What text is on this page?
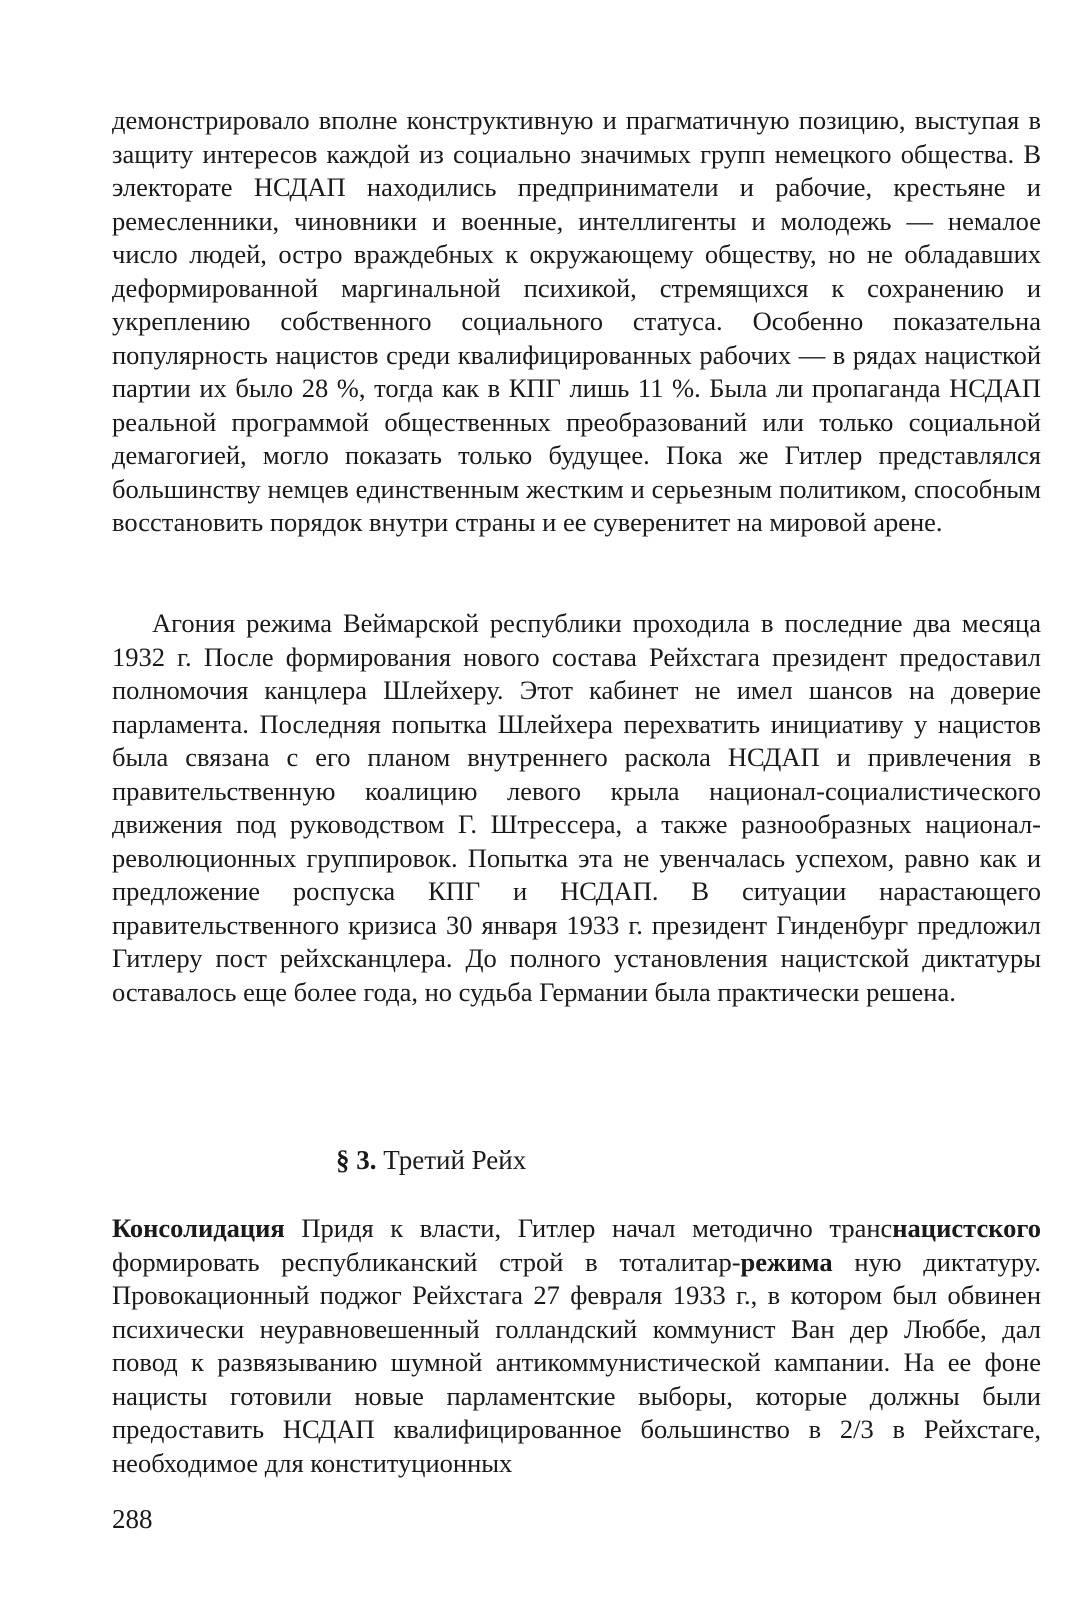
демонстрировало вполне конструктивную и прагматичную позицию, выступая в защиту интересов каждой из социально значимых групп немецкого общества. В электорате НСДАП находились предприниматели и рабочие, крестьяне и ремесленники, чиновники и военные, интеллигенты и молодежь — немалое число людей, остро враждебных к окружающему обществу, но не обладавших деформированной маргинальной психикой, стремящихся к сохранению и укреплению собственного социального статуса. Особенно показательна популярность нацистов среди квалифицированных рабочих — в рядах нацисткой партии их было 28 %, тогда как в КПГ лишь 11 %. Была ли пропаганда НСДАП реальной программой общественных преобразований или только социальной демагогией, могло показать только будущее. Пока же Гитлер представлялся большинству немцев единственным жестким и серьезным политиком, способным восстановить порядок внутри страны и ее суверенитет на мировой арене.

Агония режима Веймарской республики проходила в последние два месяца 1932 г. После формирования нового состава Рейхстага президент предоставил полномочия канцлера Шлейхеру. Этот кабинет не имел шансов на доверие парламента. Последняя попытка Шлейхера перехватить инициативу у нацистов была связана с его планом внутреннего раскола НСДАП и привлечения в правительственную коалицию левого крыла национал-социалистического движения под руководством Г. Штрессера, а также разнообразных национал-революционных группировок. Попытка эта не увенчалась успехом, равно как и предложение роспуска КПГ и НСДАП. В ситуации нарастающего правительственного кризиса 30 января 1933 г. президент Гинденбург предложил Гитлеру пост рейхсканцлера. До полного установления нацистской диктатуры оставалось еще более года, но судьба Германии была практически решена.

§ 3. Третий Рейх

Консолидация Придя к власти, Гитлер начал методично транснацистского формировать республиканский строй в тоталитар-режима ную диктатуру. Провокационный поджог Рейхстага 27 февраля 1933 г., в котором был обвинен психически неуравновешенный голландский коммунист Ван дер Люббе, дал повод к развязыванию шумной антикоммунистической кампании. На ее фоне нацисты готовили новые парламентские выборы, которые должны были предоставить НСДАП квалифицированное большинство в 2/3 в Рейхстаге, необходимое для конституционных

288
